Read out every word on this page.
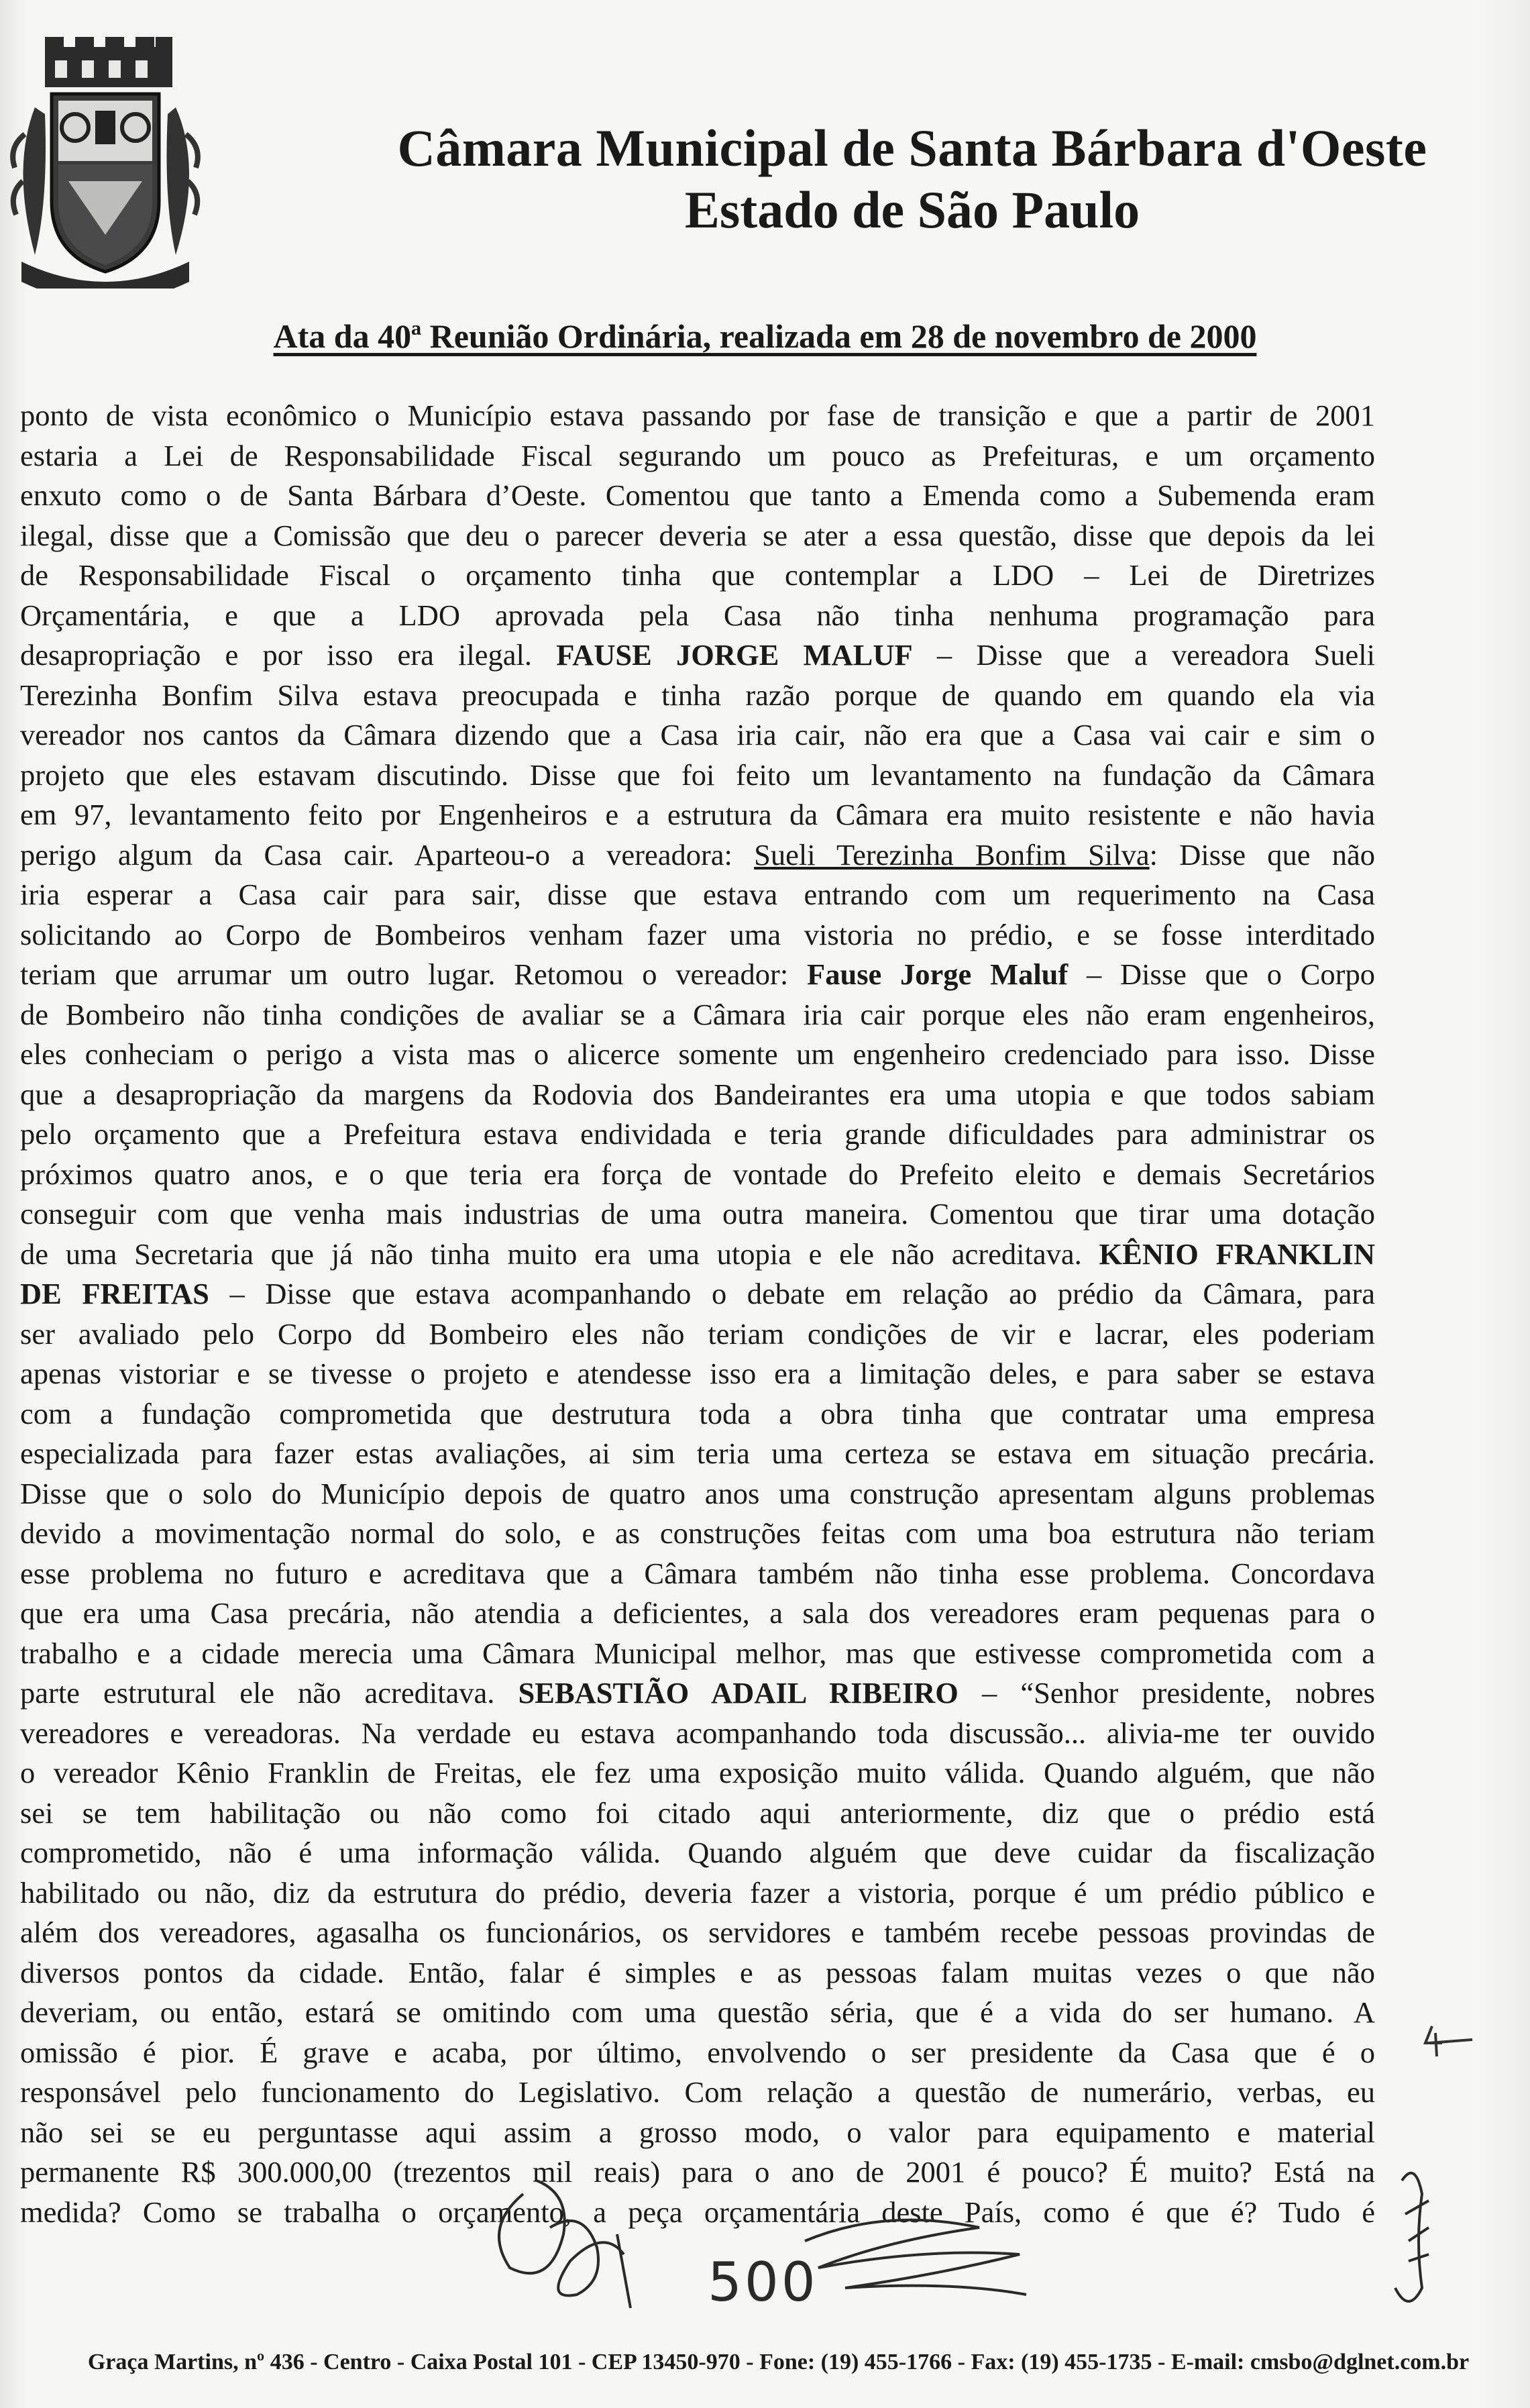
Câmara Municipal de Santa Bárbara d'Oeste
Estado de São Paulo
Ata da 40ª Reunião Ordinária, realizada em 28 de novembro de 2000
ponto de vista econômico o Município estava passando por fase de transição e que a partir de 2001
estaria a Lei de Responsabilidade Fiscal segurando um pouco as Prefeituras, e um orçamento
enxuto como o de Santa Bárbara d’Oeste. Comentou que tanto a Emenda como a Subemenda eram
ilegal, disse que a Comissão que deu o parecer deveria se ater a essa questão, disse que depois da lei
de Responsabilidade Fiscal o orçamento tinha que contemplar a LDO – Lei de Diretrizes
Orçamentária, e que a LDO aprovada pela Casa não tinha nenhuma programação para
desapropriação e por isso era ilegal. FAUSE JORGE MALUF – Disse que a vereadora Sueli
Terezinha Bonfim Silva estava preocupada e tinha razão porque de quando em quando ela via
vereador nos cantos da Câmara dizendo que a Casa iria cair, não era que a Casa vai cair e sim o
projeto que eles estavam discutindo. Disse que foi feito um levantamento na fundação da Câmara
em 97, levantamento feito por Engenheiros e a estrutura da Câmara era muito resistente e não havia
perigo algum da Casa cair. Aparteou-o a vereadora: Sueli Terezinha Bonfim Silva: Disse que não
iria esperar a Casa cair para sair, disse que estava entrando com um requerimento na Casa
solicitando ao Corpo de Bombeiros venham fazer uma vistoria no prédio, e se fosse interditado
teriam que arrumar um outro lugar. Retomou o vereador: Fause Jorge Maluf – Disse que o Corpo
de Bombeiro não tinha condições de avaliar se a Câmara iria cair porque eles não eram engenheiros,
eles conheciam o perigo a vista mas o alicerce somente um engenheiro credenciado para isso. Disse
que a desapropriação da margens da Rodovia dos Bandeirantes era uma utopia e que todos sabiam
pelo orçamento que a Prefeitura estava endividada e teria grande dificuldades para administrar os
próximos quatro anos, e o que teria era força de vontade do Prefeito eleito e demais Secretários
conseguir com que venha mais industrias de uma outra maneira. Comentou que tirar uma dotação
de uma Secretaria que já não tinha muito era uma utopia e ele não acreditava. KÊNIO FRANKLIN
DE FREITAS – Disse que estava acompanhando o debate em relação ao prédio da Câmara, para
ser avaliado pelo Corpo dd Bombeiro eles não teriam condições de vir e lacrar, eles poderiam
apenas vistoriar e se tivesse o projeto e atendesse isso era a limitação deles, e para saber se estava
com a fundação comprometida que destrutura toda a obra tinha que contratar uma empresa
especializada para fazer estas avaliações, ai sim teria uma certeza se estava em situação precária.
Disse que o solo do Município depois de quatro anos uma construção apresentam alguns problemas
devido a movimentação normal do solo, e as construções feitas com uma boa estrutura não teriam
esse problema no futuro e acreditava que a Câmara também não tinha esse problema. Concordava
que era uma Casa precária, não atendia a deficientes, a sala dos vereadores eram pequenas para o
trabalho e a cidade merecia uma Câmara Municipal melhor, mas que estivesse comprometida com a
parte estrutural ele não acreditava. SEBASTIÃO ADAIL RIBEIRO – “Senhor presidente, nobres
vereadores e vereadoras. Na verdade eu estava acompanhando toda discussão... alivia-me ter ouvido
o vereador Kênio Franklin de Freitas, ele fez uma exposição muito válida. Quando alguém, que não
sei se tem habilitação ou não como foi citado aqui anteriormente, diz que o prédio está
comprometido, não é uma informação válida. Quando alguém que deve cuidar da fiscalização
habilitado ou não, diz da estrutura do prédio, deveria fazer a vistoria, porque é um prédio público e
além dos vereadores, agasalha os funcionários, os servidores e também recebe pessoas provindas de
diversos pontos da cidade. Então, falar é simples e as pessoas falam muitas vezes o que não
deveriam, ou então, estará se omitindo com uma questão séria, que é a vida do ser humano. A
omissão é pior. É grave e acaba, por último, envolvendo o ser presidente da Casa que é o
responsável pelo funcionamento do Legislativo. Com relação a questão de numerário, verbas, eu
não sei se eu perguntasse aqui assim a grosso modo, o valor para equipamento e material
permanente R$ 300.000,00 (trezentos mil reais) para o ano de 2001 é pouco? É muito? Está na
medida? Como se trabalha o orçamento, a peça orçamentária deste País, como é que é? Tudo é
500
Graça Martins, nº 436 - Centro - Caixa Postal 101 - CEP 13450-970 - Fone: (19) 455-1766 - Fax: (19) 455-1735 - E-mail: cmsbo@dglnet.com.br
